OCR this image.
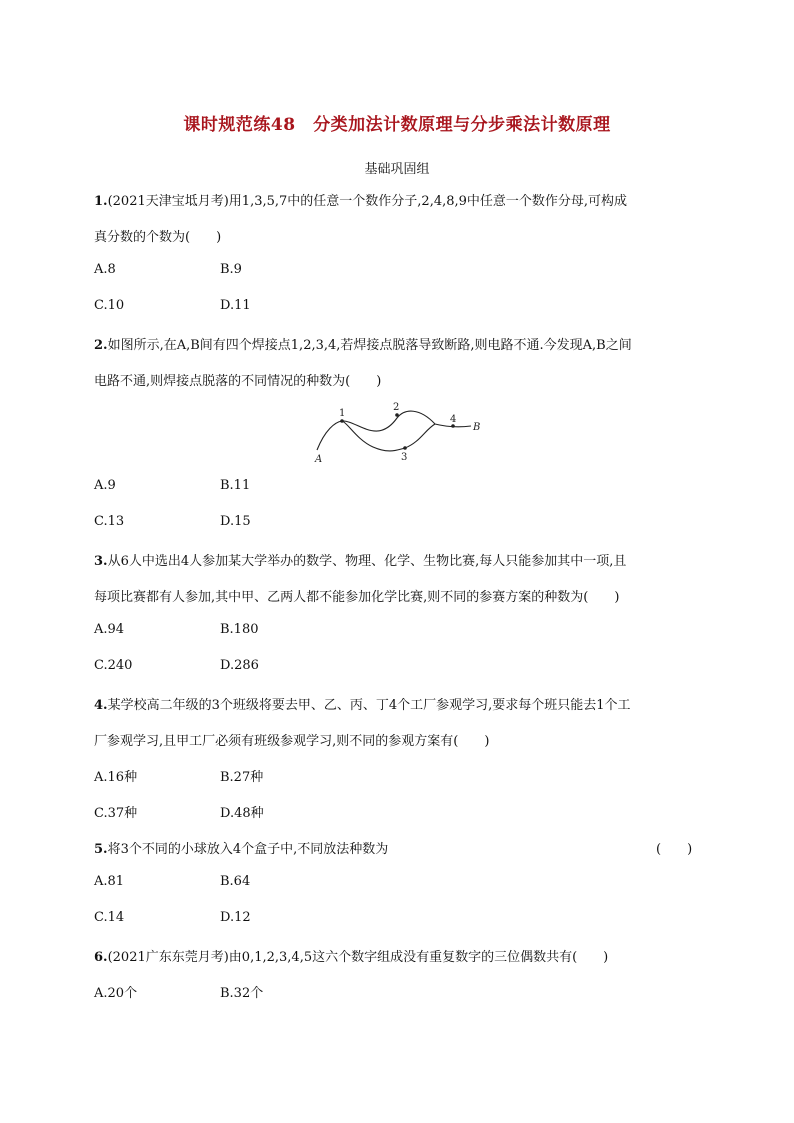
课时规范练48　分类加法计数原理与分步乘法计数原理
基础巩固组
1.(2021天津宝坻月考)用1,3,5,7中的任意一个数作分子,2,4,8,9中任意一个数作分母,可构成
真分数的个数为(　　)
A.8	B.9
C.10	D.11
2.如图所示,在A,B间有四个焊接点1,2,3,4,若焊接点脱落导致断路,则电路不通.今发现A,B之间
电路不通,则焊接点脱落的不同情况的种数为(　　)
1
2
3
4
A
B
A.9	B.11
C.13	D.15
3.从6人中选出4人参加某大学举办的数学、物理、化学、生物比赛,每人只能参加其中一项,且
每项比赛都有人参加,其中甲、乙两人都不能参加化学比赛,则不同的参赛方案的种数为(　　)
A.94	B.180
C.240	D.286
4.某学校高二年级的3个班级将要去甲、乙、丙、丁4个工厂参观学习,要求每个班只能去1个工
厂参观学习,且甲工厂必须有班级参观学习,则不同的参观方案有(　　)
A.16种	B.27种
C.37种	D.48种
5.将3个不同的小球放入4个盒子中,不同放法种数为	(　　)
A.81	B.64
C.14	D.12
6.(2021广东东莞月考)由0,1,2,3,4,5这六个数字组成没有重复数字的三位偶数共有(　　)
A.20个	B.32个
